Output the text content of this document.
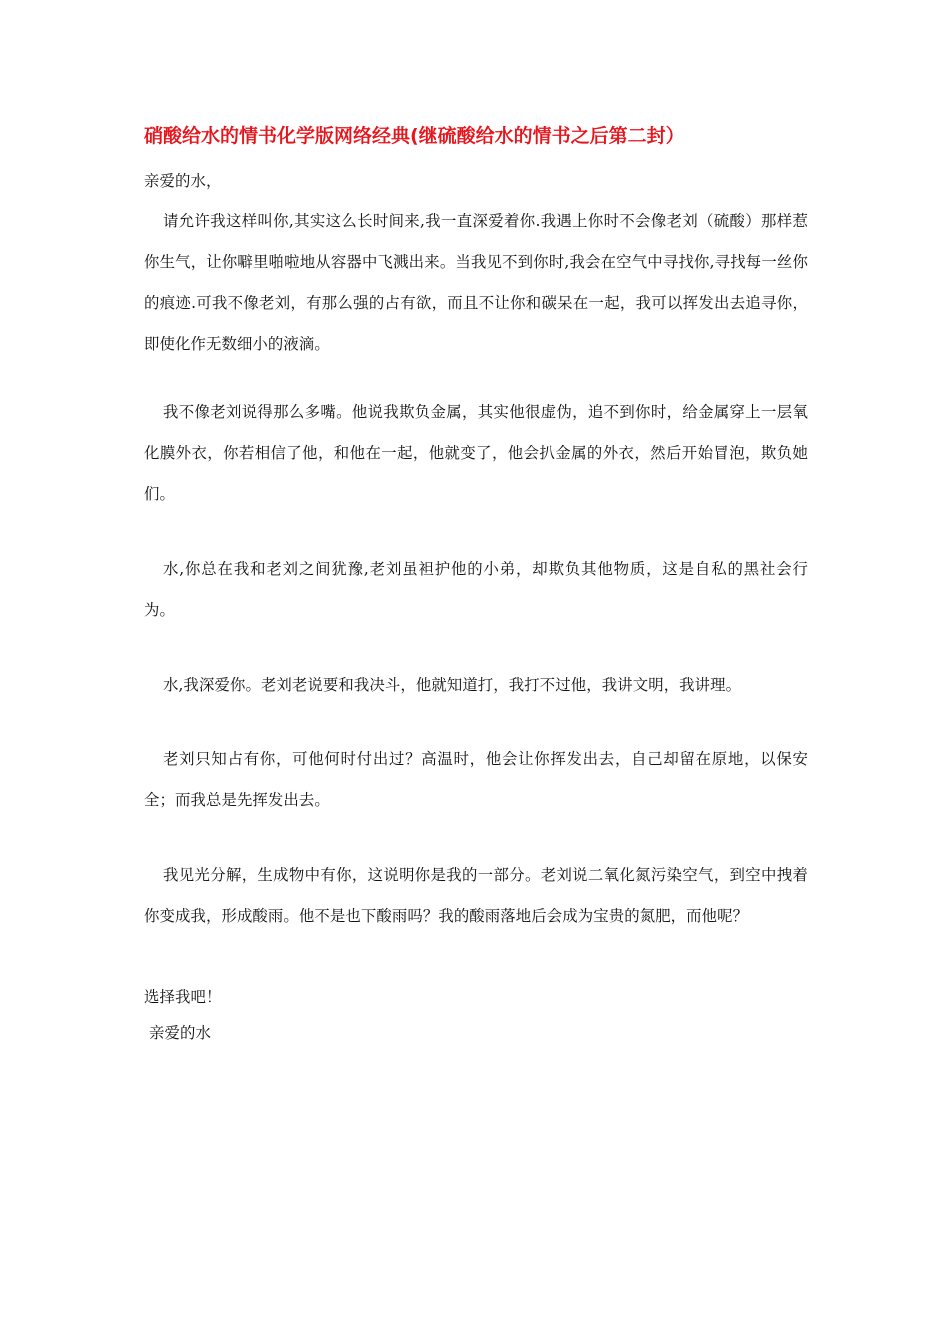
硝酸给水的情书化学版网络经典(继硫酸给水的情书之后第二封）
亲爱的水，
请允许我这样叫你,其实这么长时间来,我一直深爱着你.我遇上你时不会像老刘（硫酸）那样惹你生气，让你噼里啪啦地从容器中飞溅出来。当我见不到你时,我会在空气中寻找你,寻找每一丝你的痕迹.可我不像老刘，有那么强的占有欲，而且不让你和碳呆在一起，我可以挥发出去追寻你，即使化作无数细小的液滴。
我不像老刘说得那么多嘴。他说我欺负金属，其实他很虚伪，追不到你时，给金属穿上一层氧化膜外衣，你若相信了他，和他在一起，他就变了，他会扒金属的外衣，然后开始冒泡，欺负她们。
水,你总在我和老刘之间犹豫,老刘虽袒护他的小弟，却欺负其他物质，这是自私的黑社会行为。
水,我深爱你。老刘老说要和我决斗，他就知道打，我打不过他，我讲文明，我讲理。
老刘只知占有你，可他何时付出过？高温时，他会让你挥发出去，自己却留在原地，以保安全；而我总是先挥发出去。
我见光分解，生成物中有你，这说明你是我的一部分。老刘说二氧化氮污染空气，到空中拽着你变成我，形成酸雨。他不是也下酸雨吗？我的酸雨落地后会成为宝贵的氮肥，而他呢？
选择我吧！
亲爱的水
